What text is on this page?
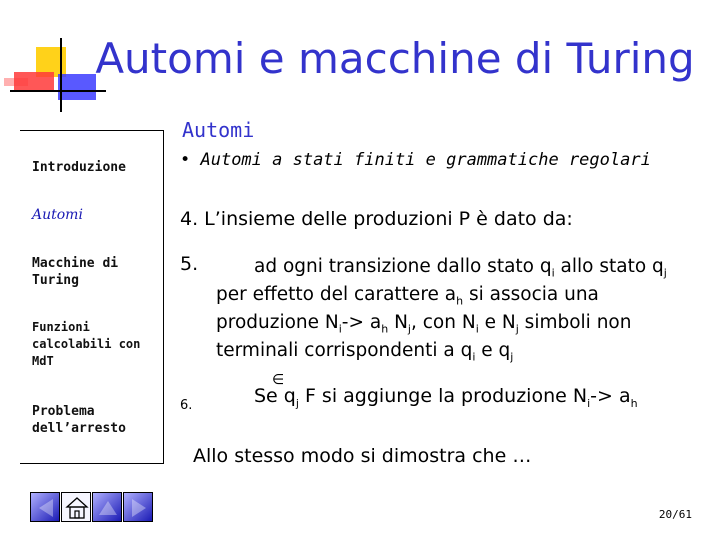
Automi e macchine di Turing
Introduzione
Automi
Macchine di
Turing
Funzioni
calcolabili con
MdT
Problema
dell’arresto
Automi
• Automi a stati finiti e grammatiche regolari
4. L’insieme delle produzioni P è dato da:
5.	ad ogni transizione dallo stato $q_i$ allo stato $q_j$
per effetto del carattere $a_h$ si associa una produzione $N_i-> a_h$ $N_j$, con $N_i$ e $N_j$ simboli non terminali corrispondenti a $q_i$ e $q_j$
6.
∈
Se $q_j$ F si aggiunge la produzione $N_i-> a_h$
Allo stesso modo si dimostra che …
20/61
